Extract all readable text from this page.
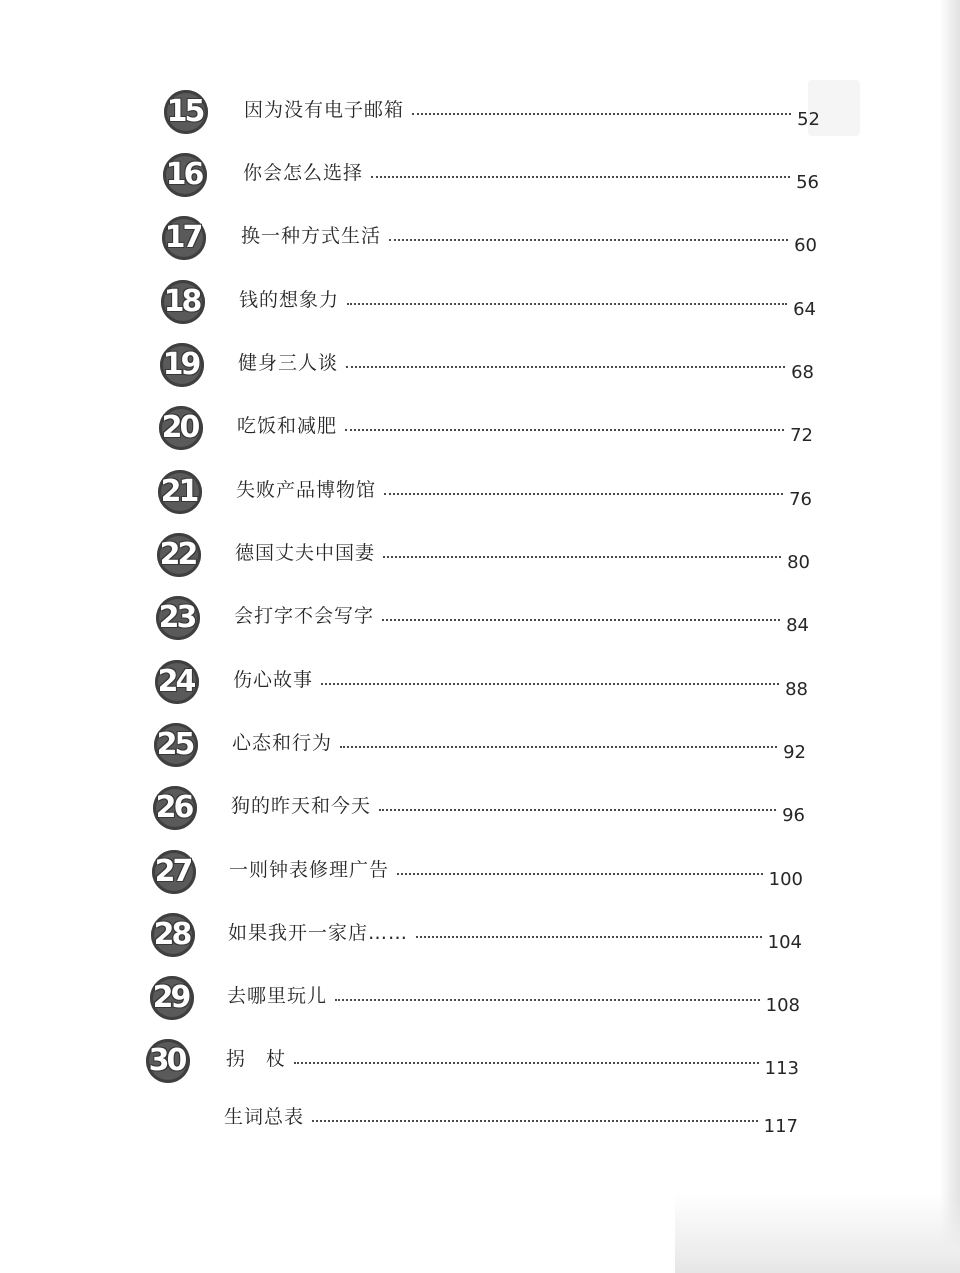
15 因为没有电子邮箱	52
16 你会怎么选择	56
17 换一种方式生活	60
18 钱的想象力	64
19 健身三人谈	68
20 吃饭和减肥	72
21 失败产品博物馆	76
22 德国丈夫中国妻	80
23 会打字不会写字	84
24 伤心故事	88
25 心态和行为	92
26 狗的昨天和今天	96
27 一则钟表修理广告	100
28 如果我开一家店……	104
29 去哪里玩儿	108
30 拐　杖	113
生词总表	117
